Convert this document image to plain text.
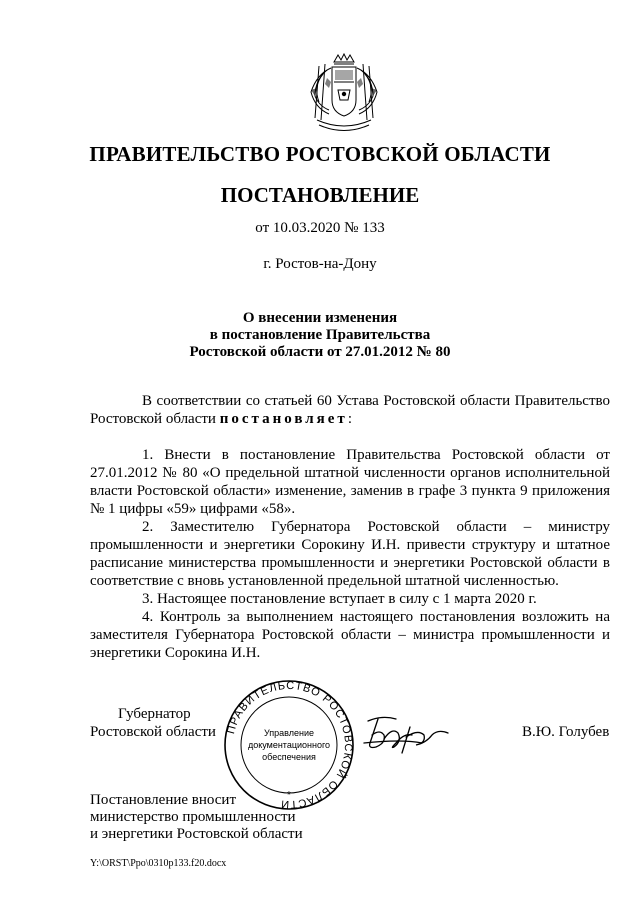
ПРАВИТЕЛЬСТВО РОСТОВСКОЙ ОБЛАСТИ
ПОСТАНОВЛЕНИЕ
от 10.03.2020 № 133
г. Ростов-на-Дону
О внесении изменения
в постановление Правительства
Ростовской области от 27.01.2012 № 80
В соответствии со статьей 60 Устава Ростовской области Правительство Ростовской области постановляет:
1. Внести в постановление Правительства Ростовской области от 27.01.2012 № 80 «О предельной штатной численности органов исполнительной власти Ростовской области» изменение, заменив в графе 3 пункта 9 приложения № 1 цифры «59» цифрами «58».
2. Заместителю Губернатора Ростовской области – министру промышленности и энергетики Сорокину И.Н. привести структуру и штатное расписание министерства промышленности и энергетики Ростовской области в соответствие с вновь установленной предельной штатной численностью.
3. Настоящее постановление вступает в силу с 1 марта 2020 г.
4. Контроль за выполнением настоящего постановления возложить на заместителя Губернатора Ростовской области – министра промышленности и энергетики Сорокина И.Н.
Губернатор
Ростовской области ПРАВИТЕЛЬСТВО РОСТОВСКОЙ ОБЛАСТИ
Управление
документационного
обеспечения
*
В.Ю. Голубев
Постановление вносит
министерство промышленности
и энергетики Ростовской области
Y:\ORST\Ppo\0310p133.f20.docx
